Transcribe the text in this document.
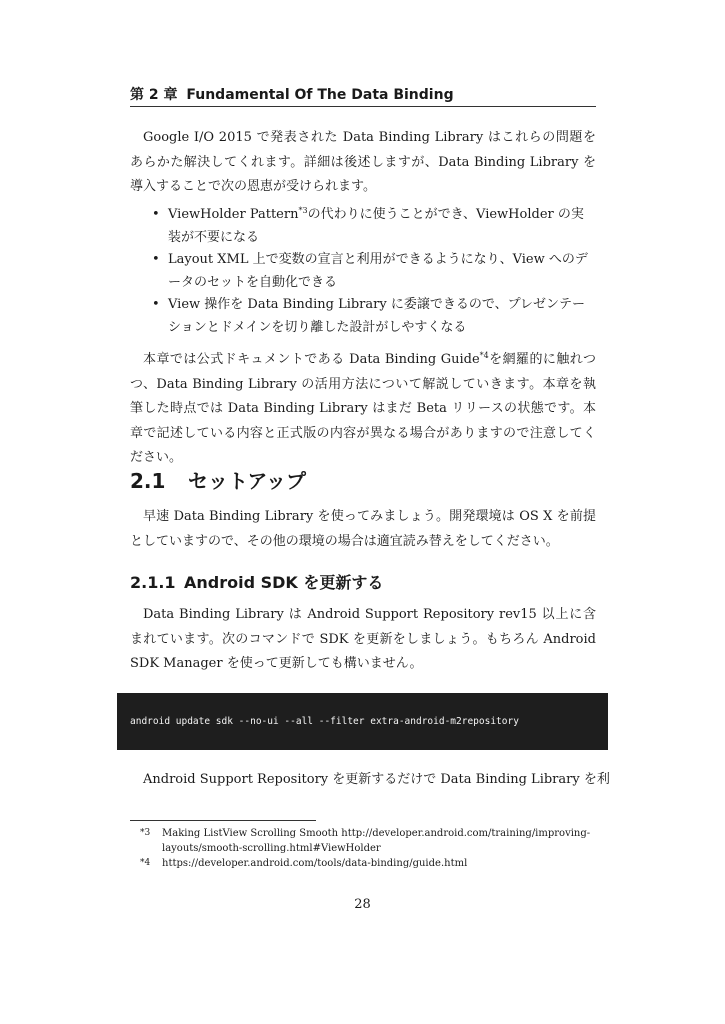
第 2 章 Fundamental Of The Data Binding

Google I/O 2015 で発表された Data Binding Library はこれらの問題をあらかた解決してくれます。詳細は後述しますが、Data Binding Library を導入することで次の恩恵が受けられます。

• ViewHolder Pattern$^{*3}$の代わりに使うことができ、ViewHolder の実装が不要になる
• Layout XML 上で変数の宣言と利用ができるようになり、View へのデータのセットを自動化できる
• View 操作を Data Binding Library に委譲できるので、プレゼンテーションとドメインを切り離した設計がしやすくなる

本章では公式ドキュメントである Data Binding Guide$^{*4}$を網羅的に触れつつ、Data Binding Library の活用方法について解説していきます。本章を執筆した時点では Data Binding Library はまだ Beta リリースの状態です。本章で記述している内容と正式版の内容が異なる場合がありますので注意してください。

2.1 セットアップ

早速 Data Binding Library を使ってみましょう。開発環境は OS X を前提としていますので、その他の環境の場合は適宜読み替えをしてください。

2.1.1 Android SDK を更新する

Data Binding Library は Android Support Repository rev15 以上に含まれています。次のコマンドで SDK を更新をしましょう。もちろん Android SDK Manager を使って更新しても構いません。

android update sdk --no-ui --all --filter extra-android-m2repository

Android Support Repository を更新するだけで Data Binding Library を利

*3 Making ListView Scrolling Smooth http://developer.android.com/training/improving-layouts/smooth-scrolling.html#ViewHolder
*4 https://developer.android.com/tools/data-binding/guide.html
28
